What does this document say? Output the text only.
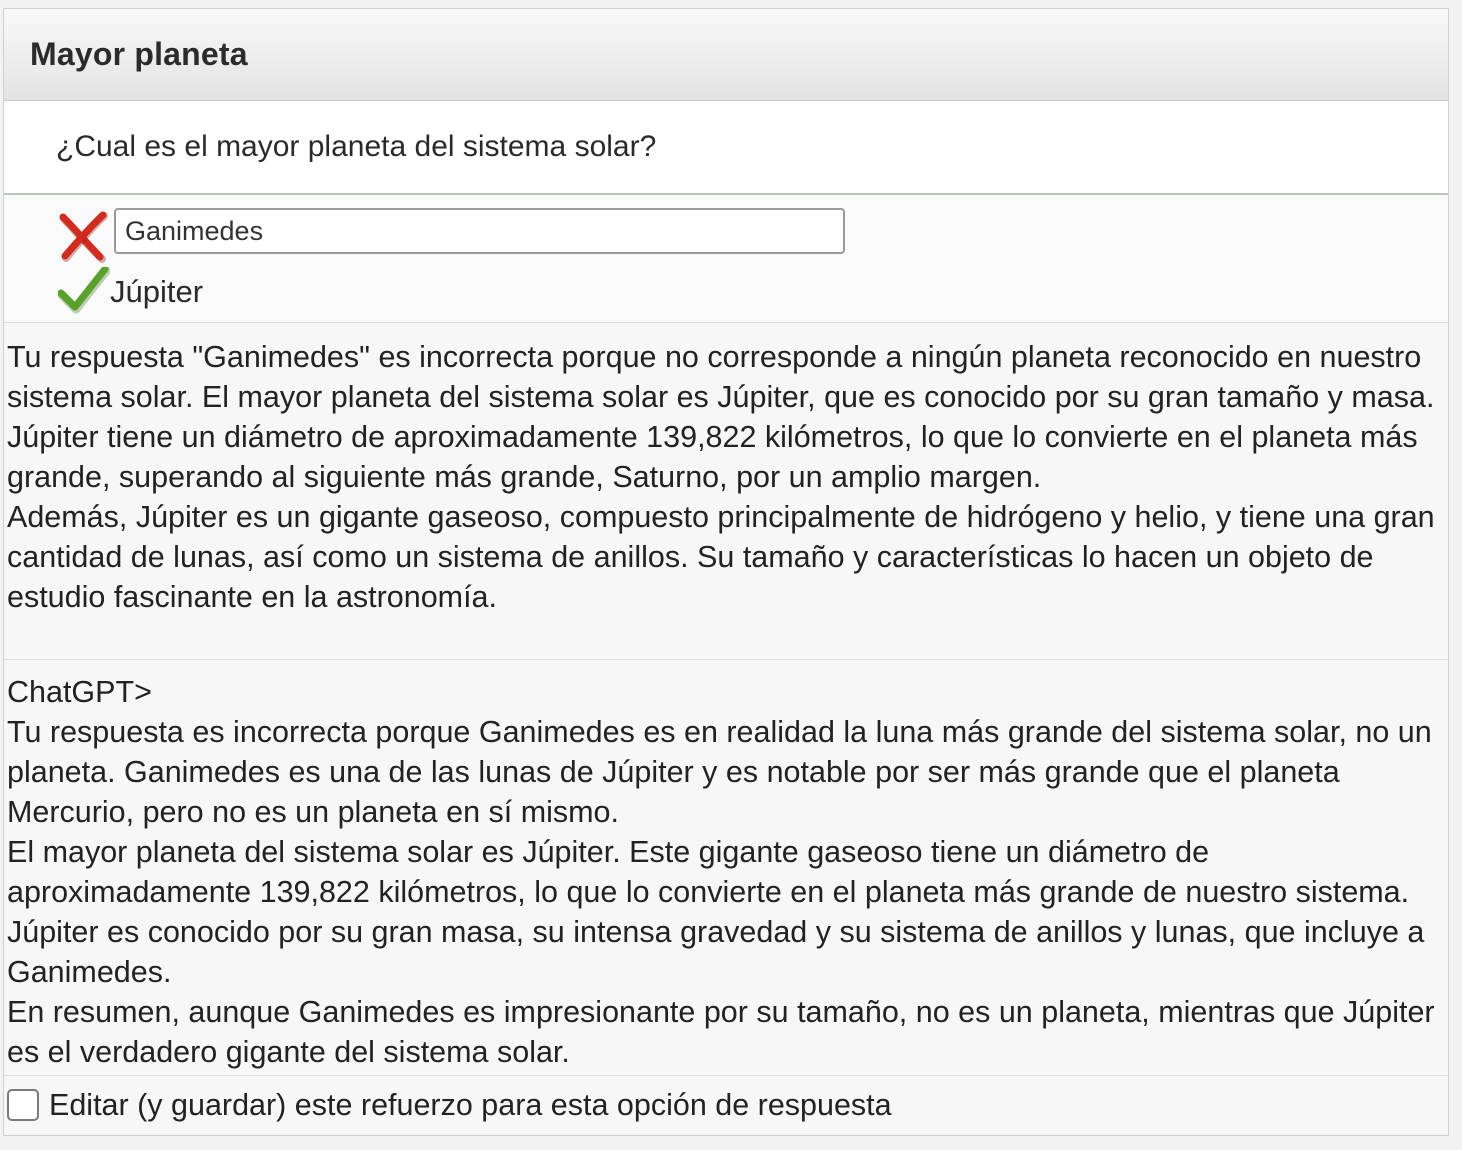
Mayor planeta
¿Cual es el mayor planeta del sistema solar?
Ganimedes
Júpiter

Tu respuesta "Ganimedes" es incorrecta porque no corresponde a ningún planeta reconocido en nuestro sistema solar. El mayor planeta del sistema solar es Júpiter, que es conocido por su gran tamaño y masa. Júpiter tiene un diámetro de aproximadamente 139,822 kilómetros, lo que lo convierte en el planeta más grande, superando al siguiente más grande, Saturno, por un amplio margen.

Además, Júpiter es un gigante gaseoso, compuesto principalmente de hidrógeno y helio, y tiene una gran cantidad de lunas, así como un sistema de anillos. Su tamaño y características lo hacen un objeto de estudio fascinante en la astronomía.

ChatGPT>

Tu respuesta es incorrecta porque Ganimedes es en realidad la luna más grande del sistema solar, no un planeta. Ganimedes es una de las lunas de Júpiter y es notable por ser más grande que el planeta Mercurio, pero no es un planeta en sí mismo.

El mayor planeta del sistema solar es Júpiter. Este gigante gaseoso tiene un diámetro de aproximadamente 139,822 kilómetros, lo que lo convierte en el planeta más grande de nuestro sistema. Júpiter es conocido por su gran masa, su intensa gravedad y su sistema de anillos y lunas, que incluye a Ganimedes.

En resumen, aunque Ganimedes es impresionante por su tamaño, no es un planeta, mientras que Júpiter es el verdadero gigante del sistema solar.

Editar (y guardar) este refuerzo para esta opción de respuesta
